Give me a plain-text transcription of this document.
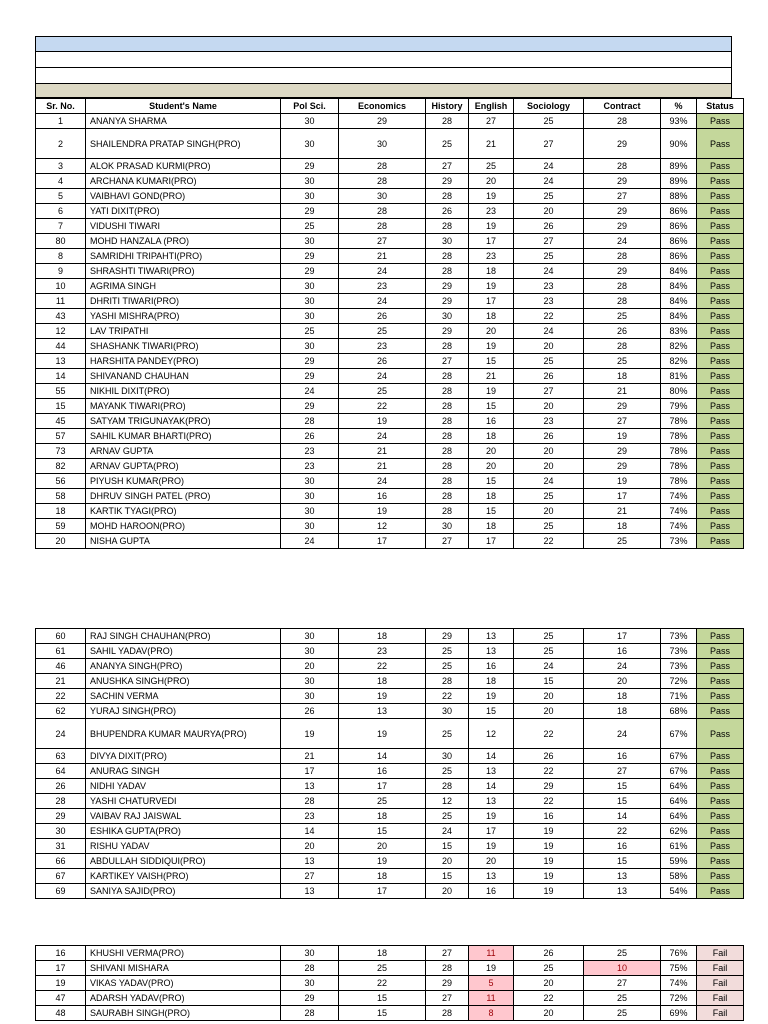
Sr. No.	Student's Name	Pol Sci.	Economics	History	English	Sociology	Contract	%	Status
1	ANANYA SHARMA	30	29	28	27	25	28	93%	Pass
2	SHAILENDRA PRATAP SINGH(PRO)	30	30	25	21	27	29	90%	Pass
3	ALOK PRASAD KURMI(PRO)	29	28	27	25	24	28	89%	Pass
4	ARCHANA KUMARI(PRO)	30	28	29	20	24	29	89%	Pass
5	VAIBHAVI GOND(PRO)	30	30	28	19	25	27	88%	Pass
6	YATI DIXIT(PRO)	29	28	26	23	20	29	86%	Pass
7	VIDUSHI TIWARI	25	28	28	19	26	29	86%	Pass
80	MOHD HANZALA (PRO)	30	27	30	17	27	24	86%	Pass
8	SAMRIDHI TRIPAHTI(PRO)	29	21	28	23	25	28	86%	Pass
9	SHRASHTI TIWARI(PRO)	29	24	28	18	24	29	84%	Pass
10	AGRIMA SINGH	30	23	29	19	23	28	84%	Pass
11	DHRITI TIWARI(PRO)	30	24	29	17	23	28	84%	Pass
43	YASHI MISHRA(PRO)	30	26	30	18	22	25	84%	Pass
12	LAV TRIPATHI	25	25	29	20	24	26	83%	Pass
44	SHASHANK TIWARI(PRO)	30	23	28	19	20	28	82%	Pass
13	HARSHITA PANDEY(PRO)	29	26	27	15	25	25	82%	Pass
14	SHIVANAND CHAUHAN	29	24	28	21	26	18	81%	Pass
55	NIKHIL DIXIT(PRO)	24	25	28	19	27	21	80%	Pass
15	MAYANK TIWARI(PRO)	29	22	28	15	20	29	79%	Pass
45	SATYAM TRIGUNAYAK(PRO)	28	19	28	16	23	27	78%	Pass
57	SAHIL KUMAR BHARTI(PRO)	26	24	28	18	26	19	78%	Pass
73	ARNAV GUPTA	23	21	28	20	20	29	78%	Pass
82	ARNAV GUPTA(PRO)	23	21	28	20	20	29	78%	Pass
56	PIYUSH KUMAR(PRO)	30	24	28	15	24	19	78%	Pass
58	DHRUV SINGH PATEL (PRO)	30	16	28	18	25	17	74%	Pass
18	KARTIK TYAGI(PRO)	30	19	28	15	20	21	74%	Pass
59	MOHD HAROON(PRO)	30	12	30	18	25	18	74%	Pass
20	NISHA GUPTA	24	17	27	17	22	25	73%	Pass
60	RAJ SINGH CHAUHAN(PRO)	30	18	29	13	25	17	73%	Pass
61	SAHIL YADAV(PRO)	30	23	25	13	25	16	73%	Pass
46	ANANYA SINGH(PRO)	20	22	25	16	24	24	73%	Pass
21	ANUSHKA SINGH(PRO)	30	18	28	18	15	20	72%	Pass
22	SACHIN VERMA	30	19	22	19	20	18	71%	Pass
62	YURAJ SINGH(PRO)	26	13	30	15	20	18	68%	Pass
24	BHUPENDRA KUMAR MAURYA(PRO)	19	19	25	12	22	24	67%	Pass
63	DIVYA DIXIT(PRO)	21	14	30	14	26	16	67%	Pass
64	ANURAG SINGH	17	16	25	13	22	27	67%	Pass
26	NIDHI YADAV	13	17	28	14	29	15	64%	Pass
28	YASHI CHATURVEDI	28	25	12	13	22	15	64%	Pass
29	VAIBAV RAJ JAISWAL	23	18	25	19	16	14	64%	Pass
30	ESHIKA GUPTA(PRO)	14	15	24	17	19	22	62%	Pass
31	RISHU YADAV	20	20	15	19	19	16	61%	Pass
66	ABDULLAH SIDDIQUI(PRO)	13	19	20	20	19	15	59%	Pass
67	KARTIKEY VAISH(PRO)	27	18	15	13	19	13	58%	Pass
69	SANIYA SAJID(PRO)	13	17	20	16	19	13	54%	Pass
16	KHUSHI VERMA(PRO)	30	18	27	11	26	25	76%	Fail
17	SHIVANI MISHARA	28	25	28	19	25	10	75%	Fail
19	VIKAS YADAV(PRO)	30	22	29	5	20	27	74%	Fail
47	ADARSH YADAV(PRO)	29	15	27	11	22	25	72%	Fail
48	SAURABH SINGH(PRO)	28	15	28	8	20	25	69%	Fail
